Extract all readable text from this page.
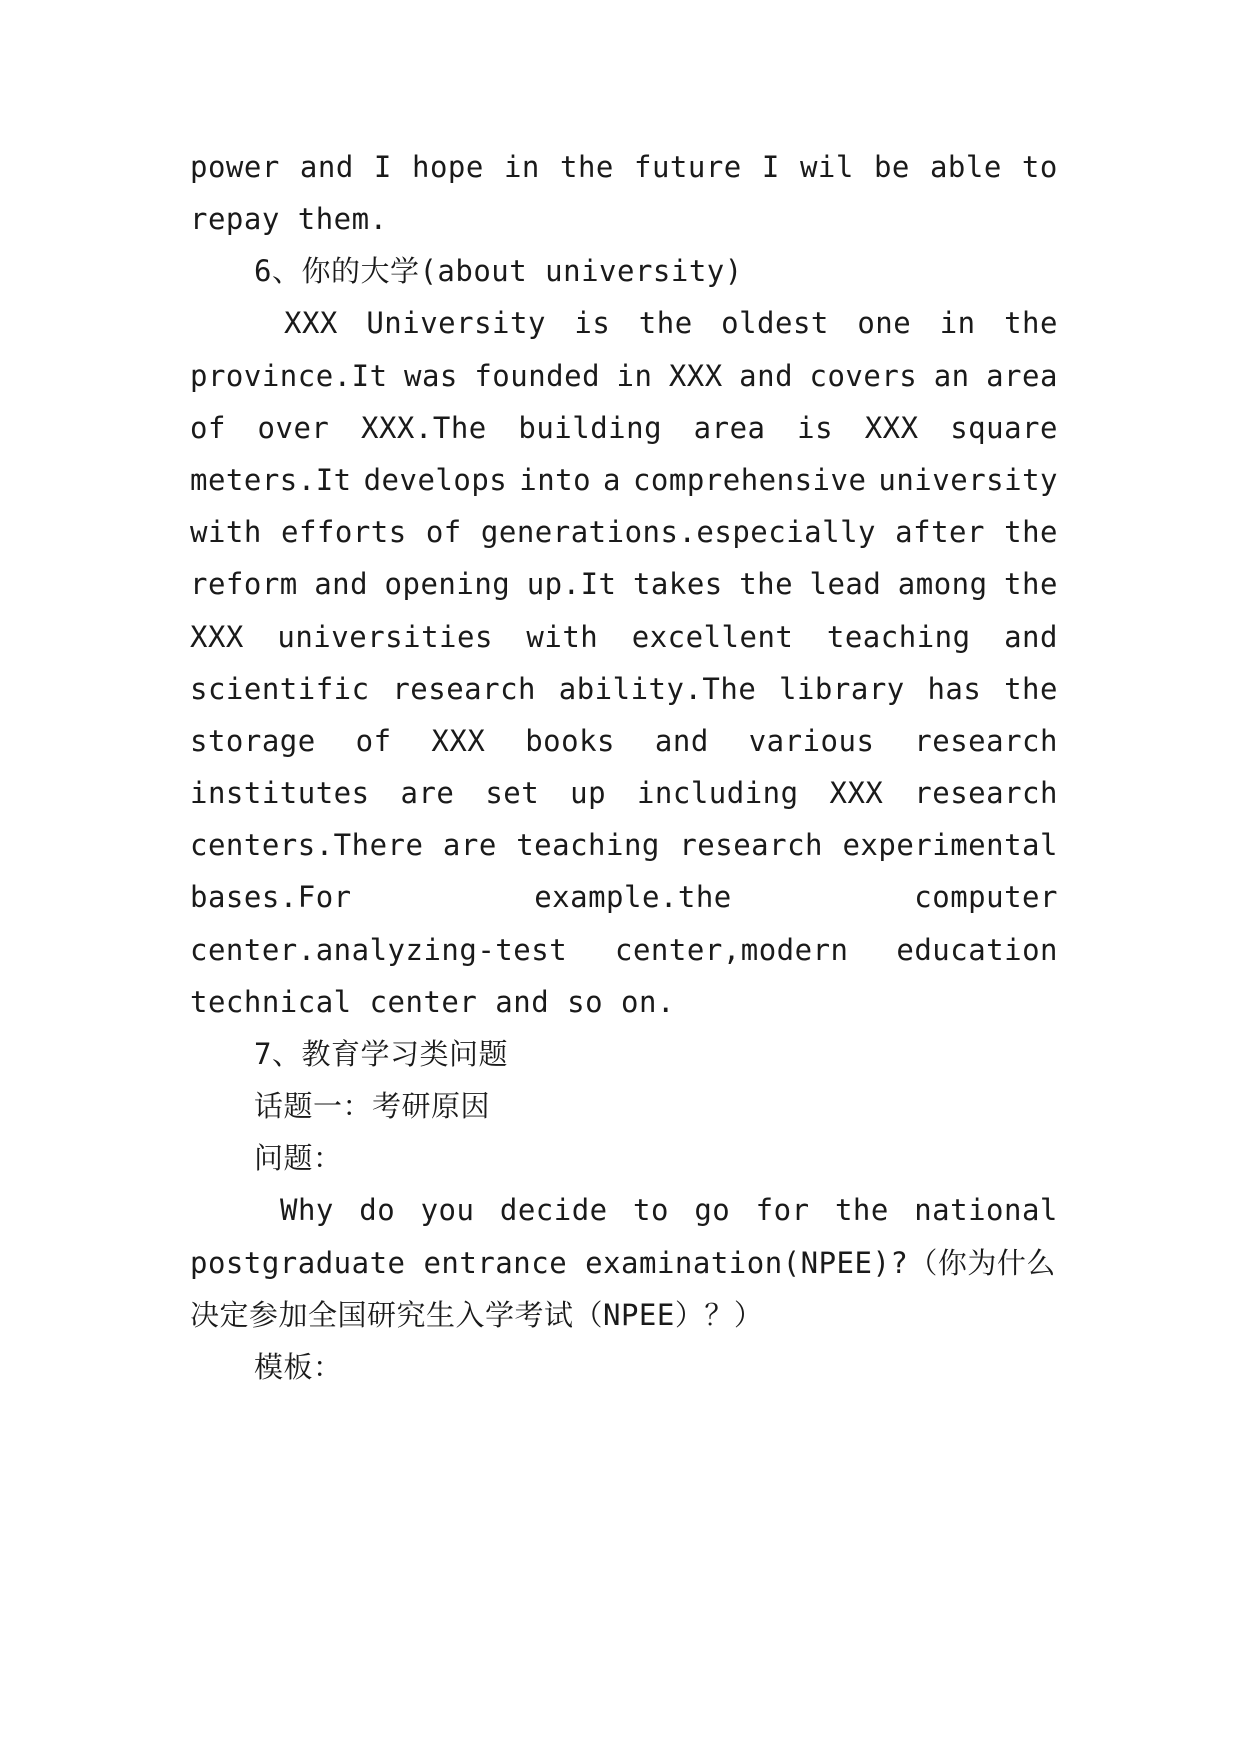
power and I hope in the future I wil be able to
repay them.
6、你的大学(about university)
XXX University is the oldest one in the
province.It was founded in XXX and covers an area
of over XXX.The building area is XXX square
meters.It develops into a comprehensive university
with efforts of generations.especially after the
reform and opening up.It takes the lead among the
XXX universities with excellent teaching and
scientific research ability.The library has the
storage of XXX books and various research
institutes are set up including XXX research
centers.There are teaching research experimental
bases.For	example.the	computer
center.analyzing-test center,modern education
technical center and so on.
7、教育学习类问题
话题一：考研原因
问题：
Why do you decide to go for the national
postgraduate entrance examination(NPEE)?（你为什么
决定参加全国研究生入学考试（NPEE）？）
模板：
